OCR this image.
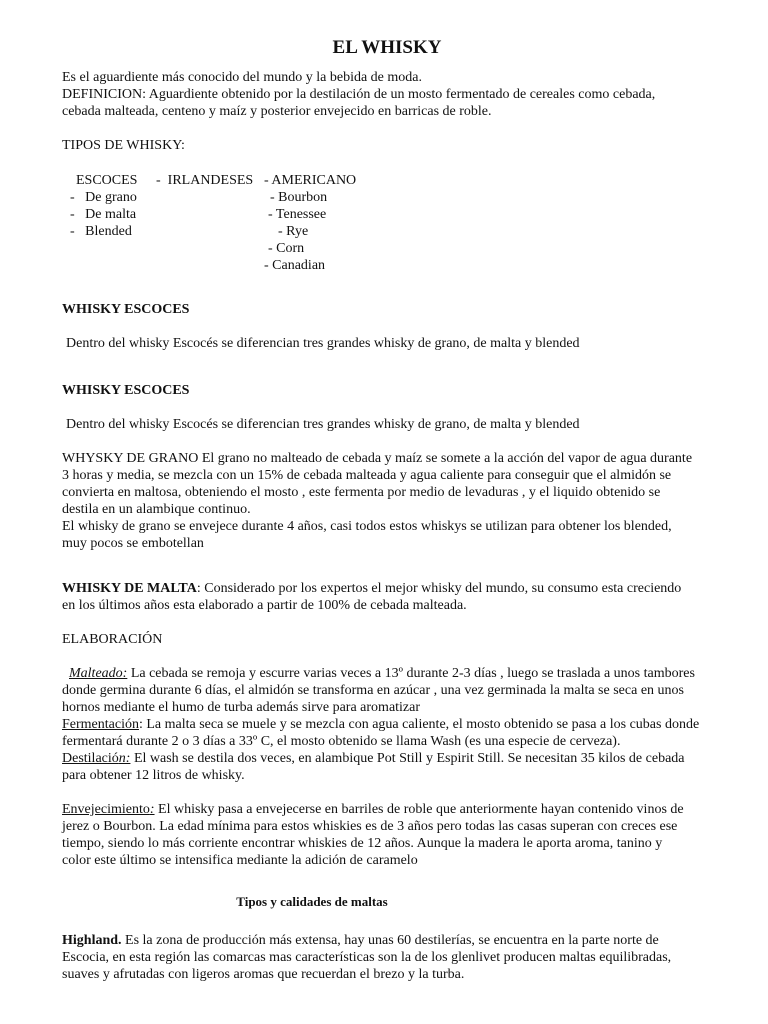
EL WHISKY

Es el aguardiente más conocido del mundo y la bebida de moda.

DEFINICION: Aguardiente obtenido por la destilación de un mosto fermentado de cereales como cebada,

cebada malteada, centeno y maíz y posterior envejecido en barricas de roble.

TIPOS DE WHISKY:

ESCOCES -  IRLANDESES - AMERICANO
-   De grano
-   De malta
-   Blended
- Bourbon
- Tenessee
- Rye
- Corn
- Canadian

WHISKY ESCOCES

Dentro del whisky Escocés se diferencian tres grandes whisky de grano, de malta y blended

WHISKY ESCOCES

Dentro del whisky Escocés se diferencian tres grandes whisky de grano, de malta y blended

WHYSKY DE GRANO El grano no malteado de cebada y maíz se somete a la acción del vapor de agua durante

3 horas y media, se mezcla con un 15% de cebada malteada y agua caliente para conseguir que el almidón se

convierta en maltosa, obteniendo el mosto , este fermenta por medio de levaduras , y el liquido obtenido se

destila en un alambique continuo.

El whisky de grano se envejece durante 4 años, casi todos estos whiskys se utilizan para obtener los blended,

muy pocos se embotellan

WHISKY DE MALTA: Considerado por los expertos el mejor whisky del mundo, su consumo esta creciendo

en los últimos años esta elaborado a partir de 100% de cebada malteada.

ELABORACIÓN

Malteado: La cebada se remoja y escurre varias veces a 13º durante 2-3 días , luego se traslada a unos tambores

donde germina durante 6 días, el almidón se transforma en azúcar , una vez germinada la malta se seca en unos

hornos mediante el humo de turba además sirve para aromatizar

Fermentación: La malta seca se muele y se mezcla con agua caliente, el mosto obtenido se pasa a los cubas donde

fermentará durante 2 o 3 días a 33º C, el mosto obtenido se llama Wash (es una especie de cerveza).

Destilación: El wash se destila dos veces, en alambique Pot Still y Espirit Still. Se necesitan 35 kilos de cebada

para obtener 12 litros de whisky.

Envejecimiento: El whisky pasa a envejecerse en barriles de roble que anteriormente hayan contenido vinos de

jerez o Bourbon. La edad mínima para estos whiskies es de 3 años pero todas las casas superan con creces ese

tiempo, siendo lo más corriente encontrar whiskies de 12 años. Aunque la madera le aporta aroma, tanino y

color este último se intensifica mediante la adición de caramelo

Tipos y calidades de maltas

Highland. Es la zona de producción más extensa, hay unas 60 destilerías, se encuentra en la parte norte de

Escocia, en esta región las comarcas mas características son la de los glenlivet producen maltas equilibradas,

suaves y afrutadas con ligeros aromas que recuerdan el brezo y la turba.
